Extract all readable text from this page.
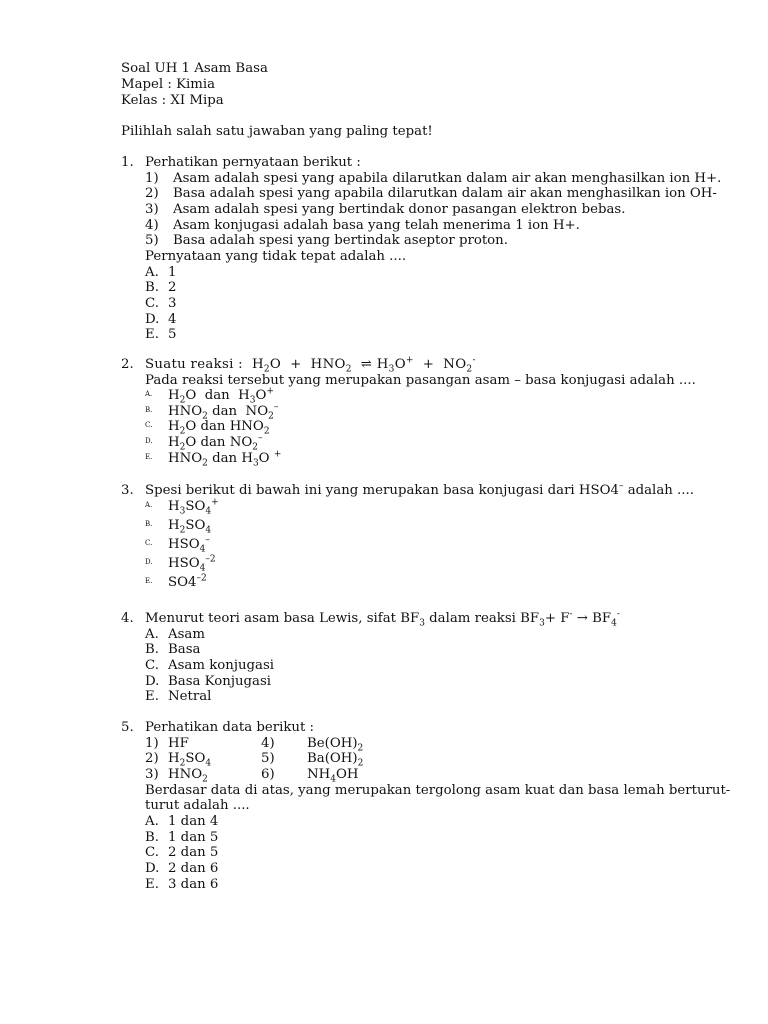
Soal UH 1 Asam Basa
Mapel : Kimia
Kelas : XI Mipa
Pilihlah salah satu jawaban yang paling tepat!
1. Perhatikan pernyataan berikut :
1) Asam adalah spesi yang apabila dilarutkan dalam air akan menghasilkan ion H+.
2) Basa adalah spesi yang apabila dilarutkan dalam air akan menghasilkan ion OH-
3) Asam adalah spesi yang bertindak donor pasangan elektron bebas.
4) Asam konjugasi adalah basa yang telah menerima 1 ion H+.
5) Basa adalah spesi yang bertindak aseptor proton.
Pernyataan yang tidak tepat adalah ....
A. 1
B. 2
C. 3
D. 4
E. 5
2. Suatu reaksi :  $H_2O + HNO_2$  ⇌ $H_3O^+ + NO_2^-$
Pada reaksi tersebut yang merupakan pasangan asam – basa konjugasi adalah ....
A. $H_2O$  dan  $H_3O^+$
B. $HNO_2$ dan  $NO_2^-$
C. $H_2O$ dan $HNO_2$
D. $H_2O$ dan $NO_2^-$
E. $HNO_2$ dan $H_3O$ +
3. Spesi berikut di bawah ini yang merupakan basa konjugasi dari HSO4– adalah ....
A. $H_3SO_4^+$
B. $H_2SO_4$
C. $HSO_4^-$
D. $HSO_4^{-2}$
E. $SO4^{-2}$
4. Menurut teori asam basa Lewis, sifat $BF_3$ dalam reaksi $BF_3+ F^- \to BF_4^-$
A. Asam
B. Basa
C. Asam konjugasi
D. Basa Konjugasi
E. Netral
5. Perhatikan data berikut :
1) HF	4) $Be(OH)_2$
2) $H_2SO_4$	5) $Ba(OH)_2$
3) $HNO_2$	6) $NH_4OH$
Berdasar data di atas, yang merupakan tergolong asam kuat dan basa lemah berturut-
turut adalah ....
A. 1 dan 4
B. 1 dan 5
C. 2 dan 5
D. 2 dan 6
E. 3 dan 6
